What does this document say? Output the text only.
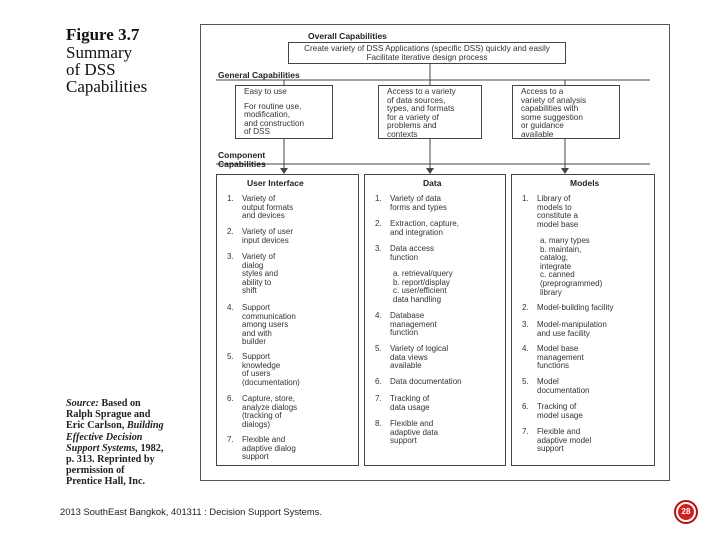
Figure 3.7
Summary
of DSS
Capabilities
Source: Based on
Ralph Sprague and
Eric Carlson, Building
Effective Decision
Support Systems, 1982,
p. 313. Reprinted by
permission of
Prentice Hall, Inc.
Overall Capabilities
Create variety of DSS Applications (specific DSS) quickly and easily Facilitate iterative design process
General Capabilities
Easy to use
For routine use,
modification,
and construction
of DSS
Access to a variety
of data sources,
types, and formats
for a variety of
problems and
contexts
Access to a
variety of analysis
capabilities with
some suggestion
or guidance
available
Component
Capabilities
User Interface
1.	Variety of
output formats
and devices
2.	Variety of user
input devices
3.	Variety of
dialog
styles and
ability to
shift
4.	Support
communication
among users
and with
builder
5.	Support
knowledge
of users
(documentation)
6.	Capture, store,
analyze dialogs
(tracking of
dialogs)
7.	Flexible and
adaptive dialog
support
Data
1.	Variety of data
forms and types
2.	Extraction, capture,
and integration
3.	Data access
function
a. retrieval/query
b. report/display
c. user/efficient
data handling
4.	Database
management
function
5.	Variety of logical
data views
available
6.	Data documentation
7.	Tracking of
data usage
8.	Flexible and
adaptive data
support
Models
1.	Library of
models to
constitute a
model base
a. many types
b. maintain,
catalog,
integrate
c. canned
(preprogrammed)
library
2.	Model-building facility
3.	Model-manipulation
and use facility
4.	Model base
management
functions
5.	Model
documentation
6.	Tracking of
model usage
7.	Flexible and
adaptive model
support
2013 SouthEast Bangkok, 401311 : Decision Support Systems.	28
